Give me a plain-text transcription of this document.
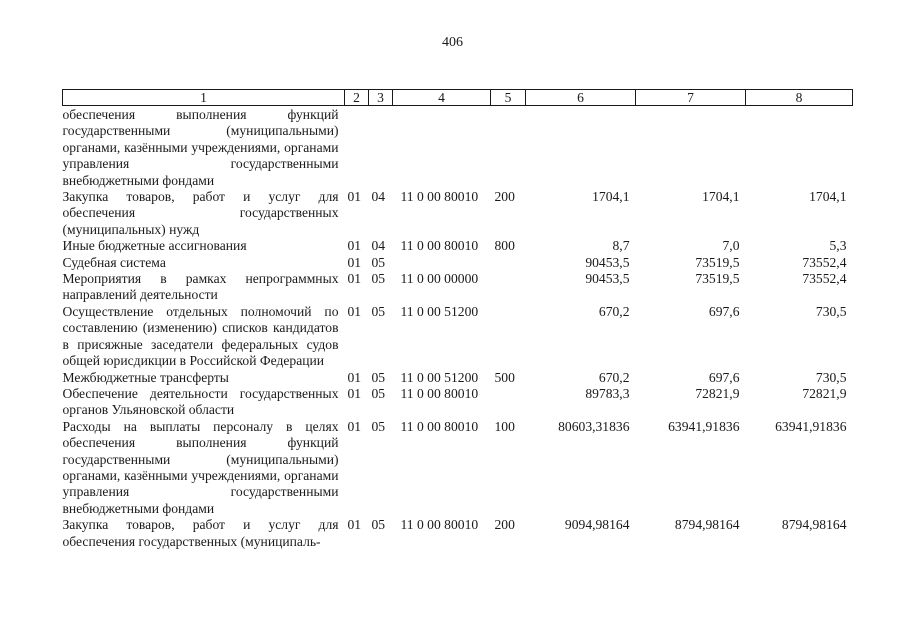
406
1	2	3	4	5	6	7	8
обеспечения выполнения функций государственными (муниципальными) органами, казёнными учреждениями, органами управления государственными внебюджетными фондами							
Закупка товаров, работ и услуг для обеспечения государственных (муниципальных) нужд	01	04	11 0 00 80010	200	1704,1	1704,1	1704,1
Иные бюджетные ассигнования	01	04	11 0 00 80010	800	8,7	7,0	5,3
Судебная система	01	05			90453,5	73519,5	73552,4
Мероприятия в рамках непрограммных направлений деятельности	01	05	11 0 00 00000		90453,5	73519,5	73552,4
Осуществление отдельных полномочий по составлению (изменению) списков кандидатов в присяжные заседатели федеральных судов общей юрисдикции в Российской Федерации	01	05	11 0 00 51200		670,2	697,6	730,5
Межбюджетные трансферты	01	05	11 0 00 51200	500	670,2	697,6	730,5
Обеспечение деятельности государственных органов Ульяновской области	01	05	11 0 00 80010		89783,3	72821,9	72821,9
Расходы на выплаты персоналу в целях обеспечения выполнения функций государственными (муниципальными) органами, казёнными учреждениями, органами управления государственными внебюджетными фондами	01	05	11 0 00 80010	100	80603,31836	63941,91836	63941,91836
Закупка товаров, работ и услуг для обеспечения государственных (муниципаль-	01	05	11 0 00 80010	200	9094,98164	8794,98164	8794,98164
